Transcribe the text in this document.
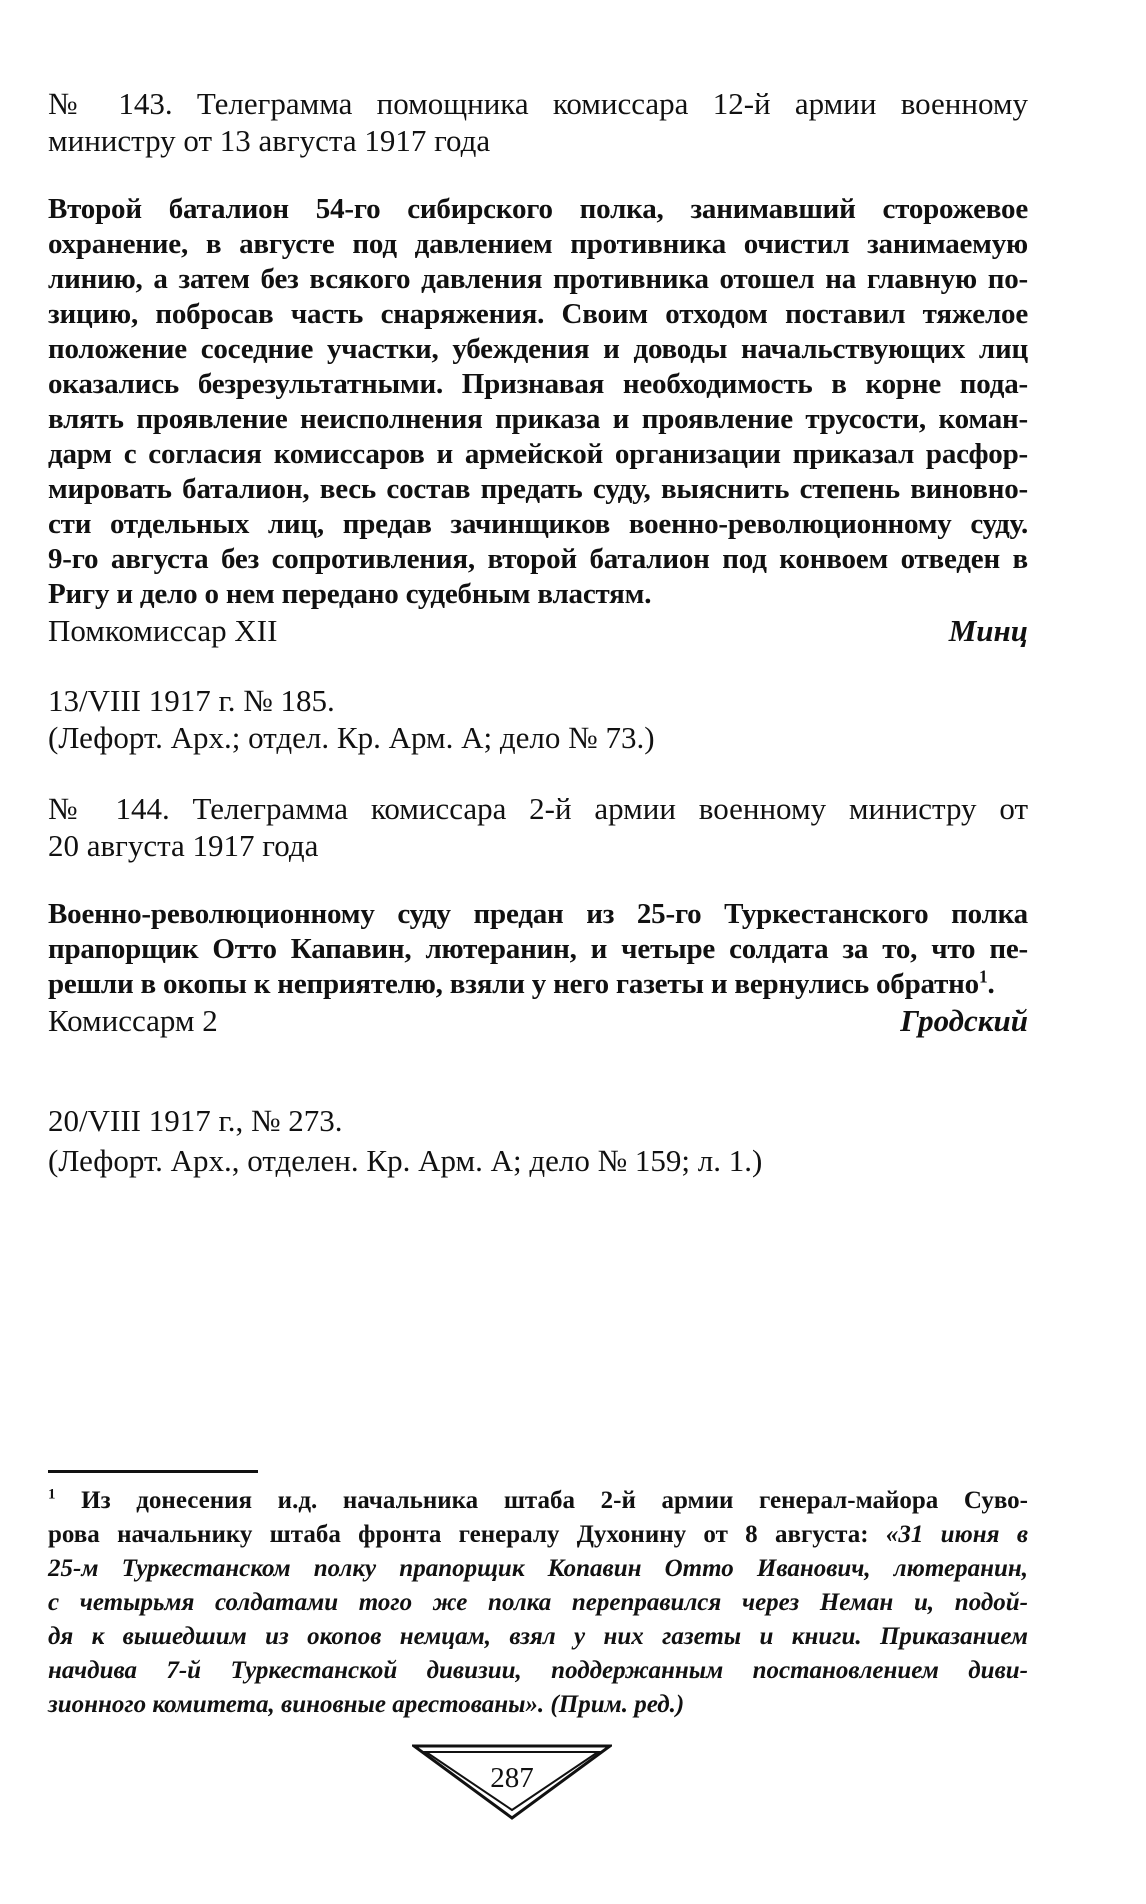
№ 143. Телеграмма помощника комиссара 12-й армии военному
министру от 13 августа 1917 года
Второй баталион 54-го сибирского полка, занимавший сторожевое
охранение, в августе под давлением противника очистил занимаемую
линию, а затем без всякого давления противника отошел на главную по-
зицию, побросав часть снаряжения. Своим отходом поставил тяжелое
положение соседние участки, убеждения и доводы начальствующих лиц
оказались безрезультатными. Признавая необходимость в корне пода-
влять проявление неисполнения приказа и проявление трусости, коман-
дарм с согласия комиссаров и армейской организации приказал расфор-
мировать баталион, весь состав предать суду, выяснить степень виновно-
сти отдельных лиц, предав зачинщиков военно-революционному суду.
9-го августа без сопротивления, второй баталион под конвоем отведен в
Ригу и дело о нем передано судебным властям.
Помкомиссар XII	Минц
13/VIII 1917 г. № 185.
(Лефорт. Арх.; отдел. Кр. Арм. А; дело № 73.)
№ 144. Телеграмма комиссара 2-й армии военному министру от
20 августа 1917 года
Военно-революционному суду предан из 25-го Туркестанского полка
прапорщик Отто Капавин, лютеранин, и четыре солдата за то, что пе-
решли в окопы к неприятелю, взяли у него газеты и вернулись обратно$^1$.
Комиссарм 2	Гродский
20/VIII 1917 г., № 273.
(Лефорт. Арх., отделен. Кр. Арм. А; дело № 159; л. 1.)
$^1$ Из донесения и.д. начальника штаба 2-й армии генерал-майора Суво-
рова начальнику штаба фронта генералу Духонину от 8 августа: «31 июня в
25-м Туркестанском полку прапорщик Копавин Отто Иванович, лютеранин,
с четырьмя солдатами того же полка переправился через Неман и, подой-
дя к вышедшим из окопов немцам, взял у них газеты и книги. Приказанием
начдива 7-й Туркестанской дивизии, поддержанным постановлением диви-
зионного комитета, виновные арестованы». (Прим. ред.)
287
